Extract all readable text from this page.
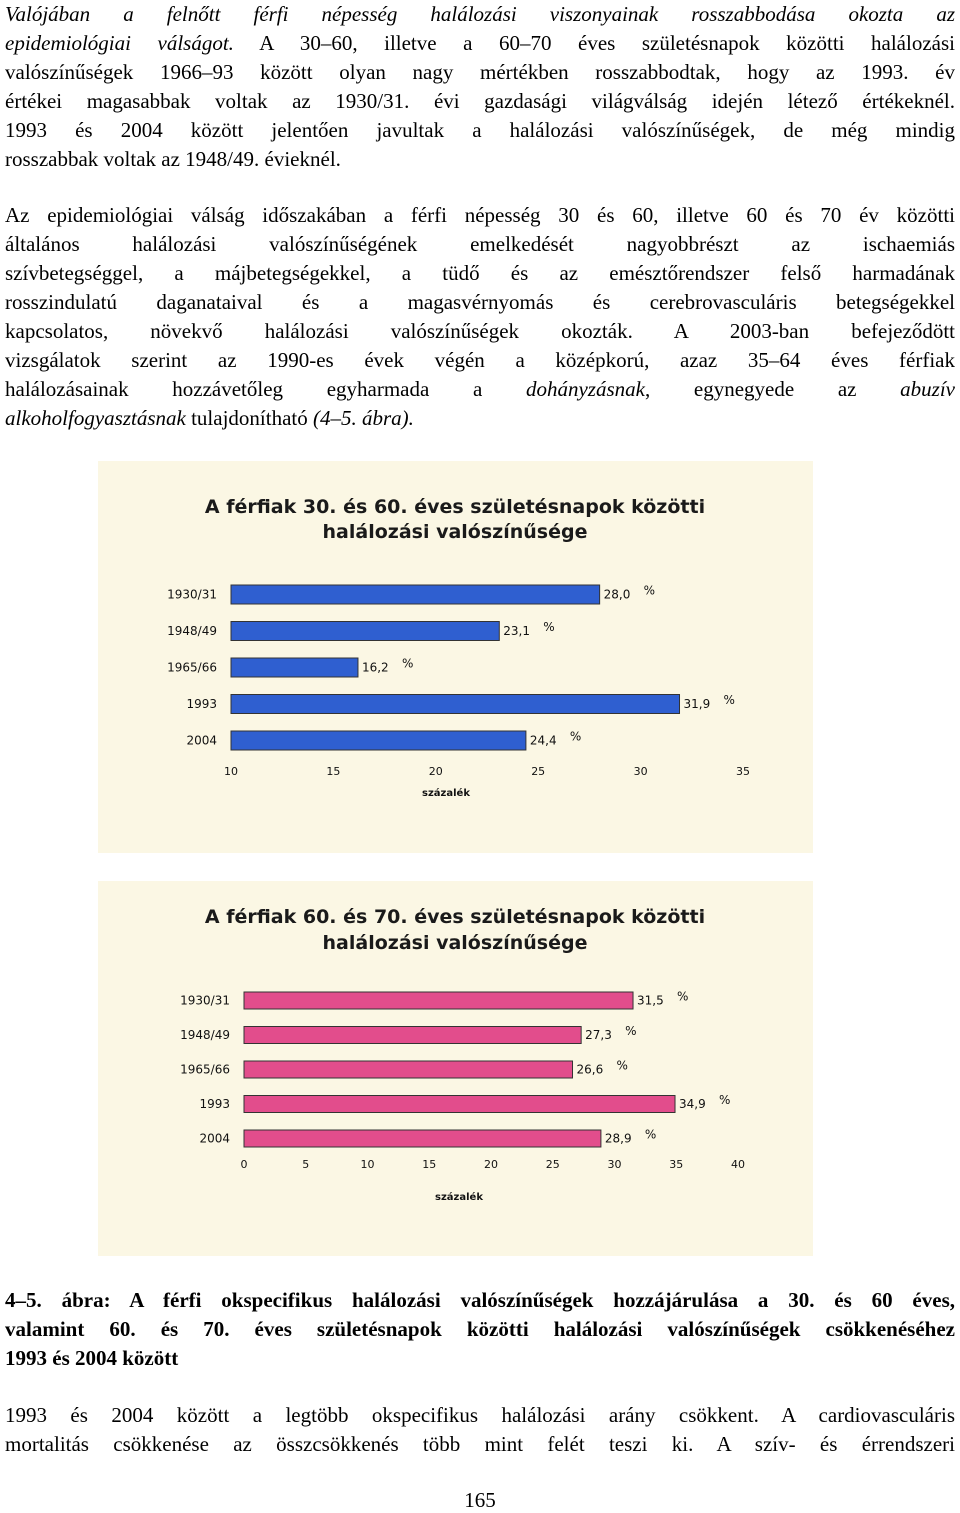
Valójában a felnőtt férfi népesség halálozási viszonyainak rosszabbodása okozta az
epidemiológiai válságot. A 30–60, illetve a 60–70 éves születésnapok közötti halálozási
valószínűségek 1966–93 között olyan nagy mértékben rosszabbodtak, hogy az 1993. év
értékei magasabbak voltak az 1930/31. évi gazdasági világválság idején létező értékeknél.
1993 és 2004 között jelentően javultak a halálozási valószínűségek, de még mindig
rosszabbak voltak az 1948/49. évieknél.
Az epidemiológiai válság időszakában a férfi népesség 30 és 60, illetve 60 és 70 év közötti
általános halálozási valószínűségének emelkedését nagyobbrészt az ischaemiás
szívbetegséggel, a májbetegségekkel, a tüdő és az emésztőrendszer felső harmadának
rosszindulatú daganataival és a magasvérnyomás és cerebrovasculáris betegségekkel
kapcsolatos, növekvő halálozási valószínűségek okozták. A 2003-ban befejeződött
vizsgálatok szerint az 1990-es évek végén a középkorú, azaz 35–64 éves férfiak
halálozásainak hozzávetőleg egyharmada a dohányzásnak, egynegyede az abuzív
alkoholfogyasztásnak tulajdonítható (4–5. ábra).
A férfiak 30. és 60. éves születésnapok közötti
halálozási valószínűsége
1930/31	28,0 %
1948/49	23,1 %
1965/66	16,2 %
1993	31,9 %
2004	24,4 %
10	15	20	25	30	35
százalék
A férfiak 60. és 70. éves születésnapok közötti
halálozási valószínűsége
1930/31	31,5 %
1948/49	27,3 %
1965/66	26,6 %
1993	34,9 %
2004	28,9 %
0	5	10	15	20	25	30	35	40
százalék
4–5. ábra: A férfi okspecifikus halálozási valószínűségek hozzájárulása a 30. és 60 éves,
valamint 60. és 70. éves születésnapok közötti halálozási valószínűségek csökkenéséhez
1993 és 2004 között
1993 és 2004 között a legtöbb okspecifikus halálozási arány csökkent. A cardiovasculáris
mortalitás csökkenése az összcsökkenés több mint felét teszi ki. A szív- és érrendszeri
165
